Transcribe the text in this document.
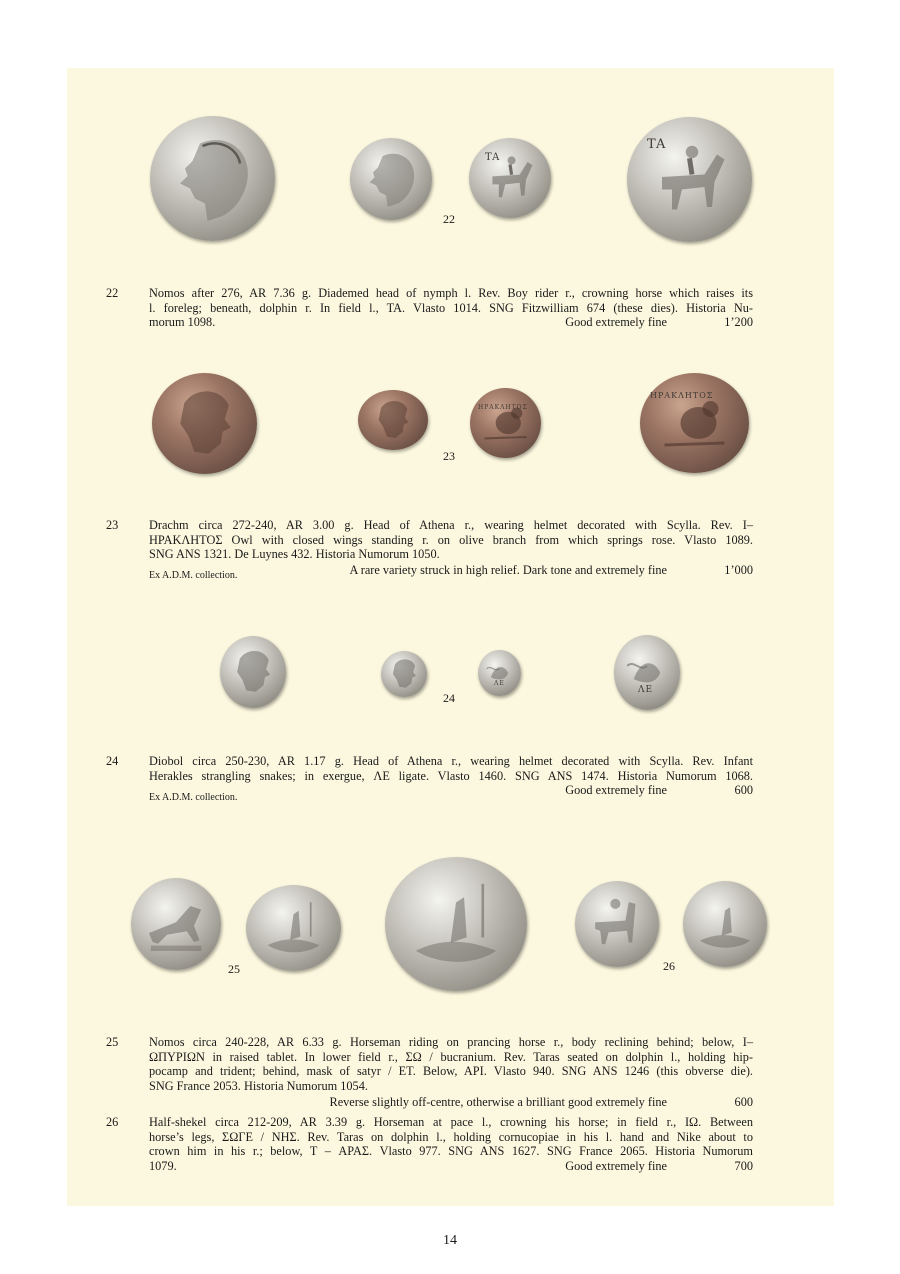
TA
TA
22
22	Nomos after 276, AR 7.36 g. Diademed head of nymph l. Rev. Boy rider r., crowning horse which raises its
l. foreleg; beneath, dolphin r. In field l., TA. Vlasto 1014. SNG Fitzwilliam 674 (these dies). Historia Nu-
morum 1098.	Good extremely fine	1’200
ΗΡΑΚΛΗΤΟΣ
ΗΡΑΚΛΗΤΟΣ
23
23	Drachm circa 272-240, AR 3.00 g. Head of Athena r., wearing helmet decorated with Scylla. Rev. I–
ΗΡΑΚΛΗΤΟΣ Owl with closed wings standing r. on olive branch from which springs rose. Vlasto 1089.
SNG ANS 1321. De Luynes 432. Historia Numorum 1050.
A rare variety struck in high relief. Dark tone and extremely fine	1’000
Ex A.D.M. collection.
ΛΕ
ΛΕ
24
24	Diobol circa 250-230, AR 1.17 g. Head of Athena r., wearing helmet decorated with Scylla. Rev. Infant
Herakles strangling snakes; in exergue, ΛΕ ligate. Vlasto 1460. SNG ANS 1474. Historia Numorum 1068.
Good extremely fine	600
Ex A.D.M. collection.
25	26
25	Nomos circa 240-228, AR 6.33 g. Horseman riding on prancing horse r., body reclining behind; below, I–
ΩΠΥΡΙΩΝ in raised tablet. In lower field r., ΣΩ / bucranium. Rev. Taras seated on dolphin l., holding hip-
pocamp and trident; behind, mask of satyr / ET. Below, API. Vlasto 940. SNG ANS 1246 (this obverse die).
SNG France 2053. Historia Numorum 1054.
Reverse slightly off-centre, otherwise a brilliant good extremely fine	600
26	Half-shekel circa 212-209, AR 3.39 g. Horseman at pace l., crowning his horse; in field r., ΙΩ. Between
horse’s legs, ΣΩΓΕ / ΝΗΣ. Rev. Taras on dolphin l., holding cornucopiae in his l. hand and Nike about to
crown him in his r.; below, T – ΑΡΑΣ. Vlasto 977. SNG ANS 1627. SNG France 2065. Historia Numorum
1079.	Good extremely fine	700
14
